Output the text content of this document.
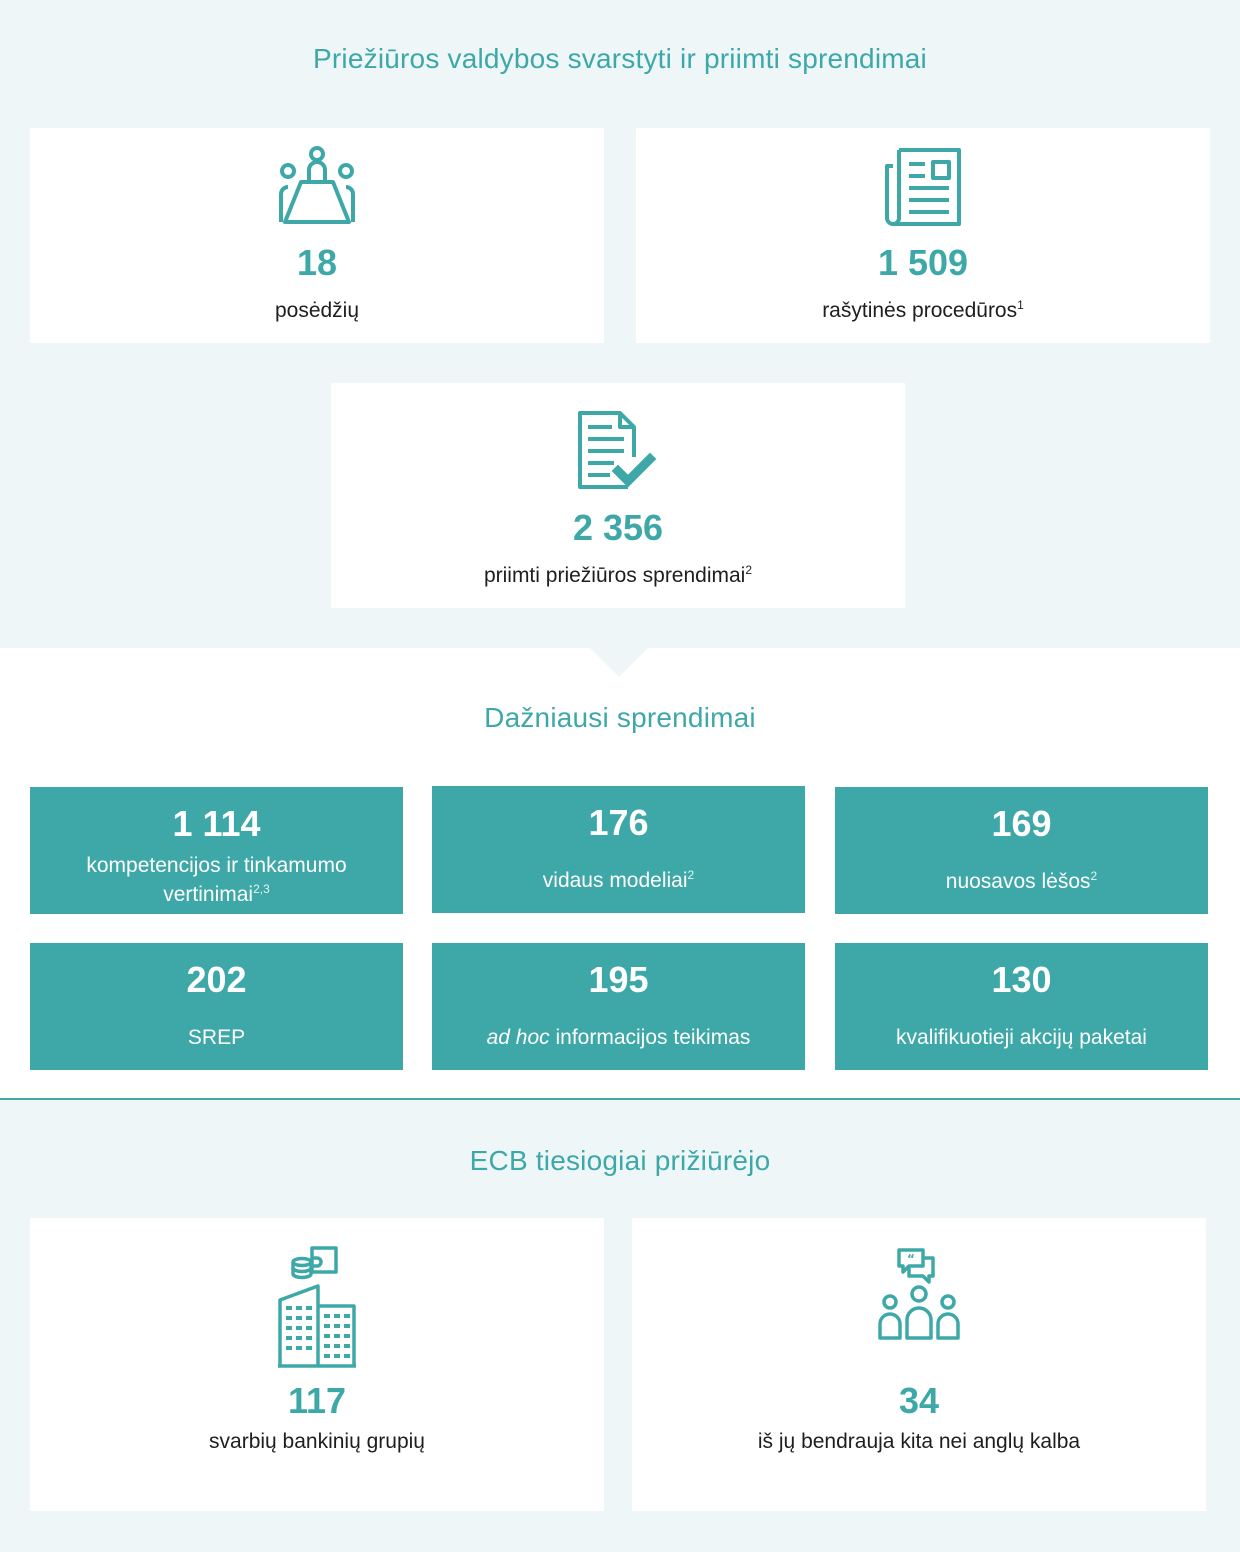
Priežiūros valdybos svarstyti ir priimti sprendimai
18
posėdžių
1 509
rašytinės procedūros$^1$
2 356
priimti priežiūros sprendimai$^2$
Dažniausi sprendimai
1 114
kompetencijos ir tinkamumo vertinimai$^{2,3}$
176
vidaus modeliai$^2$
169
nuosavos lėšos$^2$
202
SREP
195
ad hoc informacijos teikimas
130
kvalifikuotieji akcijų paketai
ECB tiesiogiai prižiūrėjo
117
svarbių bankinių grupių
“
34
iš jų bendrauja kita nei anglų kalba
